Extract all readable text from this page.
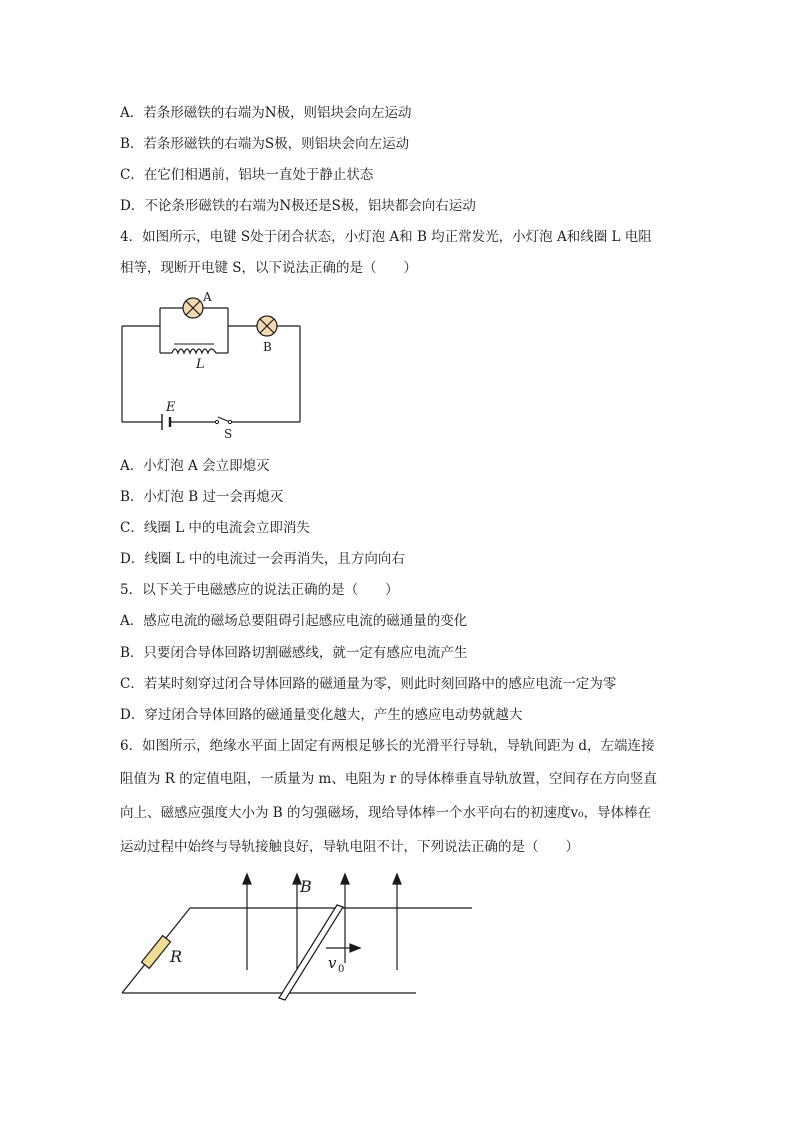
A．若条形磁铁的右端为N极，则铝块会向左运动
B．若条形磁铁的右端为S极，则铝块会向左运动
C．在它们相遇前，铝块一直处于静止状态
D．不论条形磁铁的右端为N极还是S极，铝块都会向右运动
4．如图所示，电键 S处于闭合状态，小灯泡 A和 B 均正常发光，小灯泡 A和线圈 L 电阻
相等，现断开电键 S，以下说法正确的是（　　）
A
B
L
E
S
A．小灯泡 A 会立即熄灭
B．小灯泡 B 过一会再熄灭
C．线圈 L 中的电流会立即消失
D．线圈 L 中的电流过一会再消失，且方向向右
5．以下关于电磁感应的说法正确的是（　　）
A．感应电流的磁场总要阻碍引起感应电流的磁通量的变化
B．只要闭合导体回路切割磁感线，就一定有感应电流产生
C．若某时刻穿过闭合导体回路的磁通量为零，则此时刻回路中的感应电流一定为零
D．穿过闭合导体回路的磁通量变化越大，产生的感应电动势就越大
6．如图所示，绝缘水平面上固定有两根足够长的光滑平行导轨，导轨间距为 d，左端连接
阻值为 R 的定值电阻，一质量为 m、电阻为 r 的导体棒垂直导轨放置，空间存在方向竖直
向上、磁感应强度大小为 B 的匀强磁场，现给导体棒一个水平向右的初速度v₀，导体棒在
运动过程中始终与导轨接触良好，导轨电阻不计，下列说法正确的是（　　）
B
R	v 0
